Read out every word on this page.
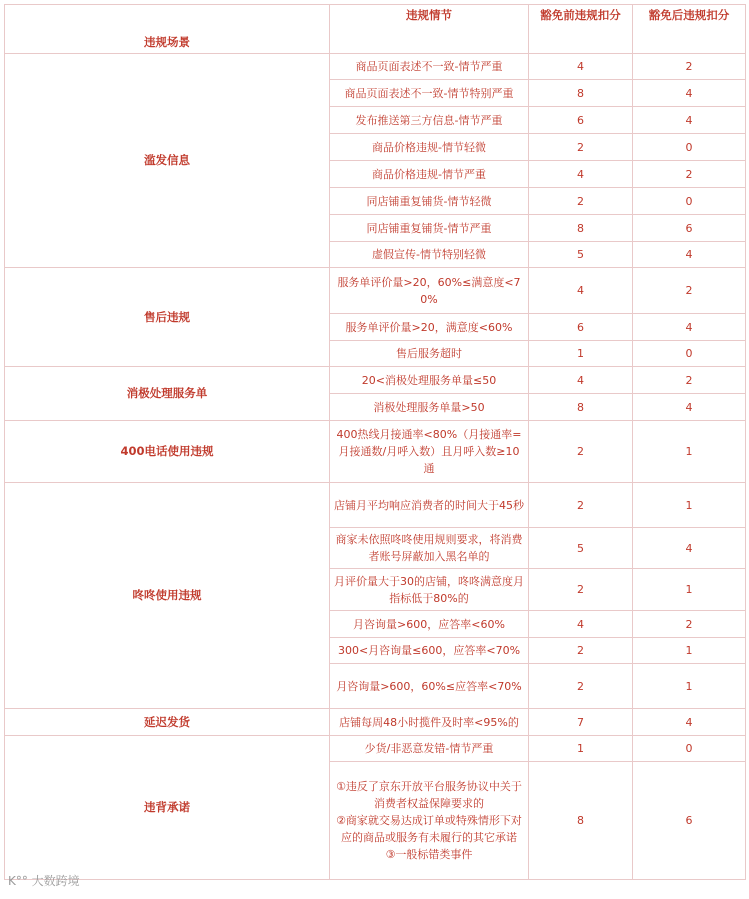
违规场景	违规情节	豁免前违规扣分	豁免后违规扣分
滥发信息	商品页面表述不一致-情节严重	4	2
	商品页面表述不一致-情节特别严重	8	4
	发布推送第三方信息-情节严重	6	4
	商品价格违规-情节轻微	2	0
	商品价格违规-情节严重	4	2
	同店铺重复铺货-情节轻微	2	0
	同店铺重复铺货-情节严重	8	6
	虚假宣传-情节特别轻微	5	4
售后违规	服务单评价量>20，60%≤满意度<70%	4	2
	服务单评价量>20，满意度<60%	6	4
	售后服务超时	1	0
消极处理服务单	20<消极处理服务单量≤50	4	2
	消极处理服务单量>50	8	4
400电话使用违规	400热线月接通率<80%（月接通率=月接通数/月呼入数）且月呼入数≥10通	2	1
咚咚使用违规	店铺月平均响应消费者的时间大于45秒	2	1
	商家未依照咚咚使用规则要求，将消费者账号屏蔽加入黑名单的	5	4
	月评价量大于30的店铺，咚咚满意度月指标低于80%的	2	1
	月咨询量>600，应答率<60%	4	2
	300<月咨询量≤600，应答率<70%	2	1
	月咨询量>600，60%≤应答率<70%	2	1
延迟发货	店铺每周48小时揽件及时率<95%的	7	4
违背承诺	少货/非恶意发错-情节严重	1	0
	①违反了京东开放平台服务协议中关于消费者权益保障要求的
②商家就交易达成订单或特殊情形下对应的商品或服务有未履行的其它承诺
③一般标错类事件	8	6
K°° 大数跨境
